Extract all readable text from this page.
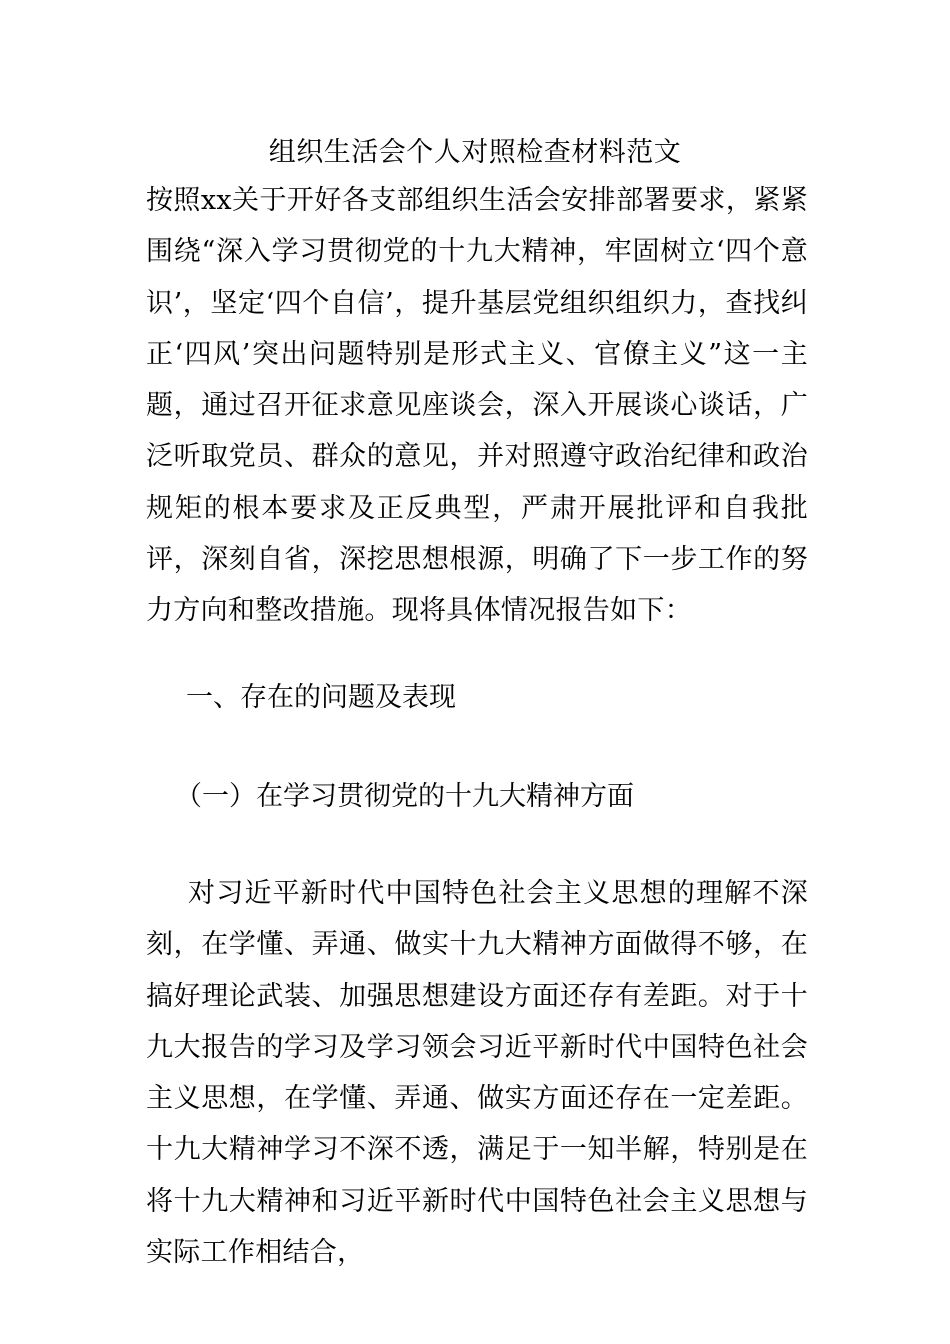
组织生活会个人对照检查材料范文

按照xx关于开好各支部组织生活会安排部署要求，紧紧围绕“深入学习贯彻党的十九大精神，牢固树立‘四个意识’，坚定‘四个自信’，提升基层党组织组织力，查找纠正‘四风’突出问题特别是形式主义、官僚主义”这一主题，通过召开征求意见座谈会，深入开展谈心谈话，广泛听取党员、群众的意见，并对照遵守政治纪律和政治规矩的根本要求及正反典型，严肃开展批评和自我批评，深刻自省，深挖思想根源，明确了下一步工作的努力方向和整改措施。现将具体情况报告如下：

一、存在的问题及表现
（一）在学习贯彻党的十九大精神方面

对习近平新时代中国特色社会主义思想的理解不深刻，在学懂、弄通、做实十九大精神方面做得不够，在搞好理论武装、加强思想建设方面还存有差距。对于十九大报告的学习及学习领会习近平新时代中国特色社会主义思想，在学懂、弄通、做实方面还存在一定差距。十九大精神学习不深不透，满足于一知半解，特别是在将十九大精神和习近平新时代中国特色社会主义思想与实际工作相结合，
